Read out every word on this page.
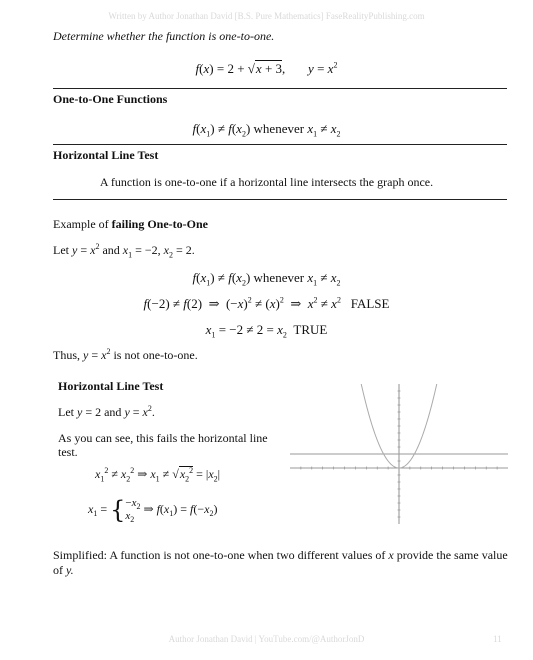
Written by Author Jonathan David [B.S. Pure Mathematics] FaseRealityPublishing.com
Determine whether the function is one-to-one.
f(x) = 2 + √x + 3,       $y = x^2$
One-to-One Functions
$f(x_1) \ne f(x_2)$ whenever $x_1 \ne x_2$
Horizontal Line Test
A function is one-to-one if a horizontal line intersects the graph once.
Example of failing One-to-One
Let $y = x^2$ and $x_1 = -2$, $x_2 = 2$.
$f(x_1) \ne f(x_2)$ whenever $x_1 \ne x_2$
f(−2) ≠ f(2)  ⇒  $(-x)^2 \ne (x)^2$  ⇒  $x^2 \ne x^2$ FALSE
$x_1 = -2 \ne 2 = x_2$ TRUE
Thus, $y = x^2$ is not one-to-one.
Horizontal Line Test
Let y = 2 and $y = x^2$.
As you can see, this fails the horizontal line test.
$x_1^2 \ne x_2^2$ ⇒ $x_1 \ne √x_2^2 = |x_2|$
$x_1 = \{-x_2$
$x_2$ ⇒ $f(x_1) = f(-x_2)$
Simplified: A function is not one-to-one when two different values of x provide the same value of y.
Author Jonathan David | YouTube.com/@AuthorJonD	11
